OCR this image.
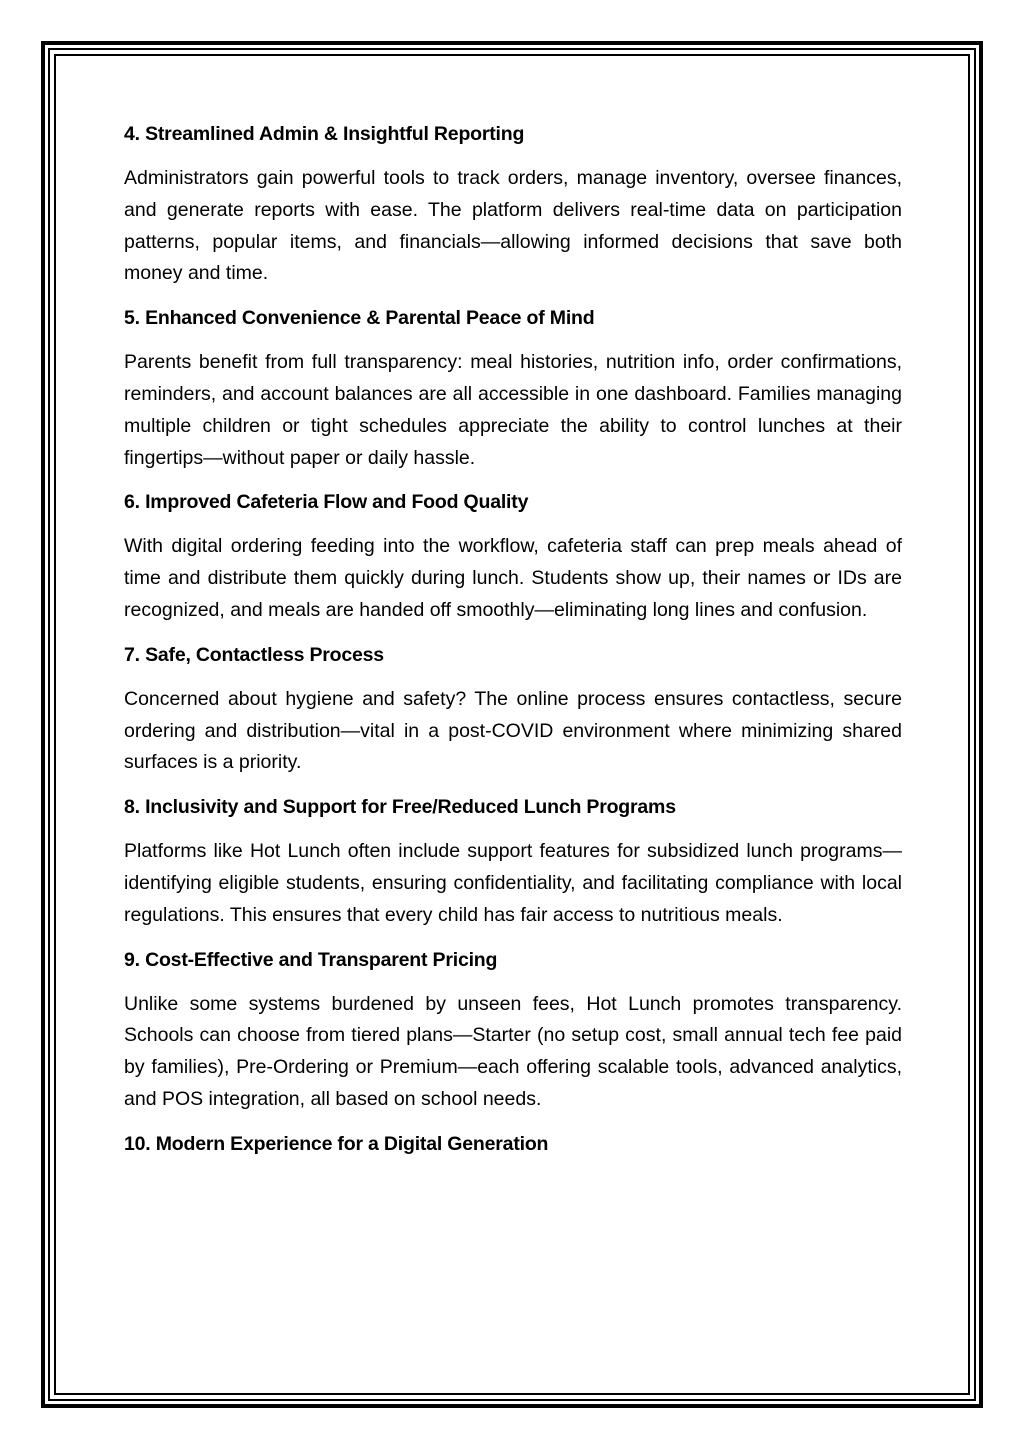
4. Streamlined Admin & Insightful Reporting

Administrators gain powerful tools to track orders, manage inventory, oversee finances, and generate reports with ease. The platform delivers real-time data on participation patterns, popular items, and financials—allowing informed decisions that save both money and time.

5. Enhanced Convenience & Parental Peace of Mind

Parents benefit from full transparency: meal histories, nutrition info, order confirmations, reminders, and account balances are all accessible in one dashboard. Families managing multiple children or tight schedules appreciate the ability to control lunches at their fingertips—without paper or daily hassle.

6. Improved Cafeteria Flow and Food Quality

With digital ordering feeding into the workflow, cafeteria staff can prep meals ahead of time and distribute them quickly during lunch. Students show up, their names or IDs are recognized, and meals are handed off smoothly—eliminating long lines and confusion.

7. Safe, Contactless Process

Concerned about hygiene and safety? The online process ensures contactless, secure ordering and distribution—vital in a post-COVID environment where minimizing shared surfaces is a priority.

8. Inclusivity and Support for Free/Reduced Lunch Programs

Platforms like Hot Lunch often include support features for subsidized lunch programs—identifying eligible students, ensuring confidentiality, and facilitating compliance with local regulations. This ensures that every child has fair access to nutritious meals.

9. Cost-Effective and Transparent Pricing

Unlike some systems burdened by unseen fees, Hot Lunch promotes transparency. Schools can choose from tiered plans—Starter (no setup cost, small annual tech fee paid by families), Pre-Ordering or Premium—each offering scalable tools, advanced analytics, and POS integration, all based on school needs.

10. Modern Experience for a Digital Generation
